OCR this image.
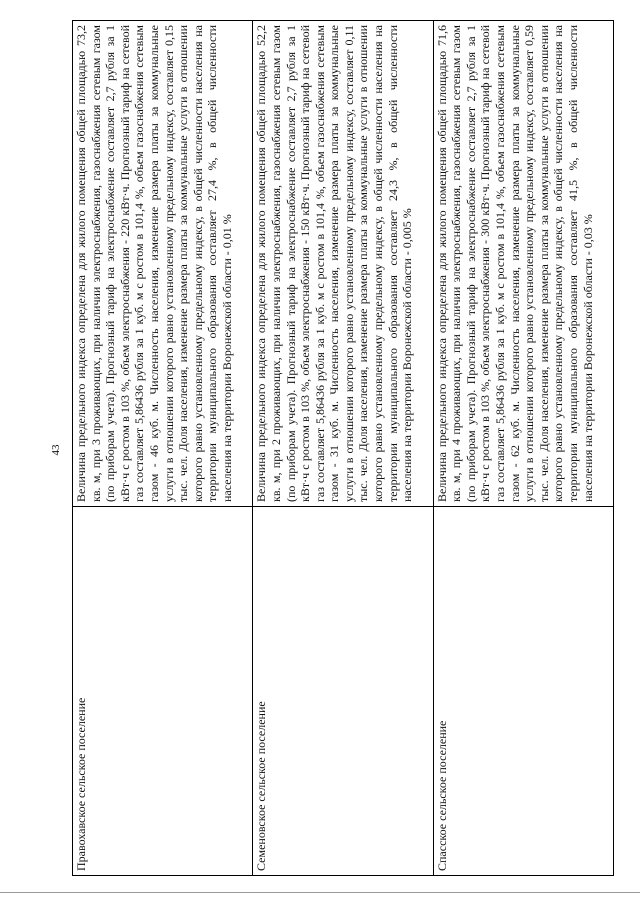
43
Правохавское сельское поселение	Величина предельного индекса определена для жилого помещения общей площадью 73,2 кв. м, при 3 проживающих, при наличии электроснабжения, газоснабжения сетевым газом (по приборам учета). Прогнозный тариф на электроснабжение составляет 2,7 рубля за 1 кВт·ч с ростом в 103 %, объем электроснабжения - 220 кВт·ч. Прогнозный тариф на сетевой газ составляет 5,86436 рубля за 1 куб. м с ростом в 101,4 %, объем газоснабжения сетевым газом - 46 куб. м. Численность населения, изменение размера платы за коммунальные услуги в отношении которого равно установленному предельному индексу, составляет 0,15 тыс. чел. Доля населения, изменение размера платы за коммунальные услуги в отношении которого равно установленному предельному индексу, в общей численности населения на территории муниципального образования составляет 27,4 %, в общей численности населения на территории Воронежской области - 0,01 %
Семеновское сельское поселение	Величина предельного индекса определена для жилого помещения общей площадью 52,2 кв. м, при 2 проживающих, при наличии электроснабжения, газоснабжения сетевым газом (по приборам учета). Прогнозный тариф на электроснабжение составляет 2,7 рубля за 1 кВт·ч с ростом в 103 %, объем электроснабжения - 150 кВт·ч. Прогнозный тариф на сетевой газ составляет 5,86436 рубля за 1 куб. м с ростом в 101,4 %, объем газоснабжения сетевым газом - 31 куб. м. Численность населения, изменение размера платы за коммунальные услуги в отношении которого равно установленному предельному индексу, составляет 0,11 тыс. чел. Доля населения, изменение размера платы за коммунальные услуги в отношении которого равно установленному предельному индексу, в общей численности населения на территории муниципального образования составляет 24,3 %, в общей численности населения на территории Воронежской области - 0,005 %
Спасское сельское поселение	Величина предельного индекса определена для жилого помещения общей площадью 71,6 кв. м, при 4 проживающих, при наличии электроснабжения, газоснабжения сетевым газом (по приборам учета). Прогнозный тариф на электроснабжение составляет 2,7 рубля за 1 кВт·ч с ростом в 103 %, объем электроснабжения - 300 кВт·ч. Прогнозный тариф на сетевой газ составляет 5,86436 рубля за 1 куб. м с ростом в 101,4 %, объем газоснабжения сетевым газом - 62 куб. м. Численность населения, изменение размера платы за коммунальные услуги в отношении которого равно установленному предельному индексу, составляет 0,59 тыс. чел. Доля населения, изменение размера платы за коммунальные услуги в отношении которого равно установленному предельному индексу, в общей численности населения на территории муниципального образования составляет 41,5 %, в общей численности населения на территории Воронежской области - 0,03 %
